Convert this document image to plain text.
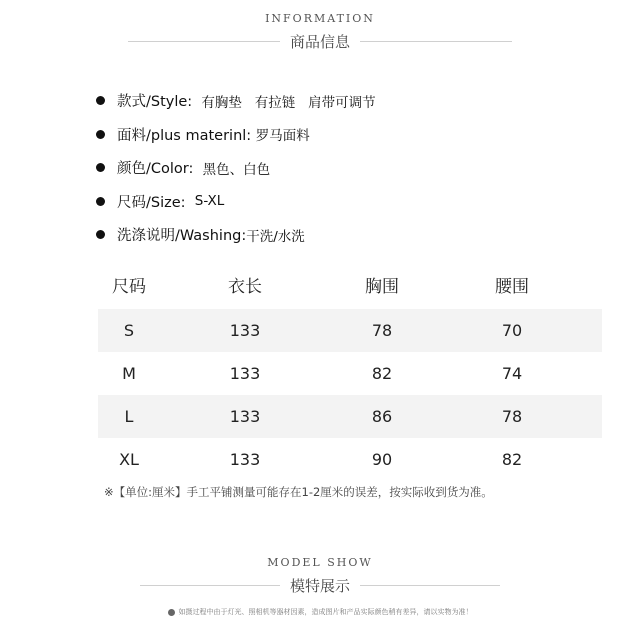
INFORMATION
商品信息
款式/Style: 有胸垫   有拉链   肩带可调节
面料/plus materinl: 罗马面料
颜色/Color: 黑色、白色
尺码/Size: S-XL
洗涤说明/Washing: 干洗/水洗
尺码	衣长	胸围	腰围
S	133	78	70
M	133	82	74
L	133	86	78
XL	133	90	82
※【单位:厘米】手工平铺测量可能存在1-2厘米的误差，按实际收到货为准。
MODEL SHOW
模特展示
如摄过程中由于灯光、照相机等器材因素，造成图片和产品实际颜色稍有差异，请以实物为准！
